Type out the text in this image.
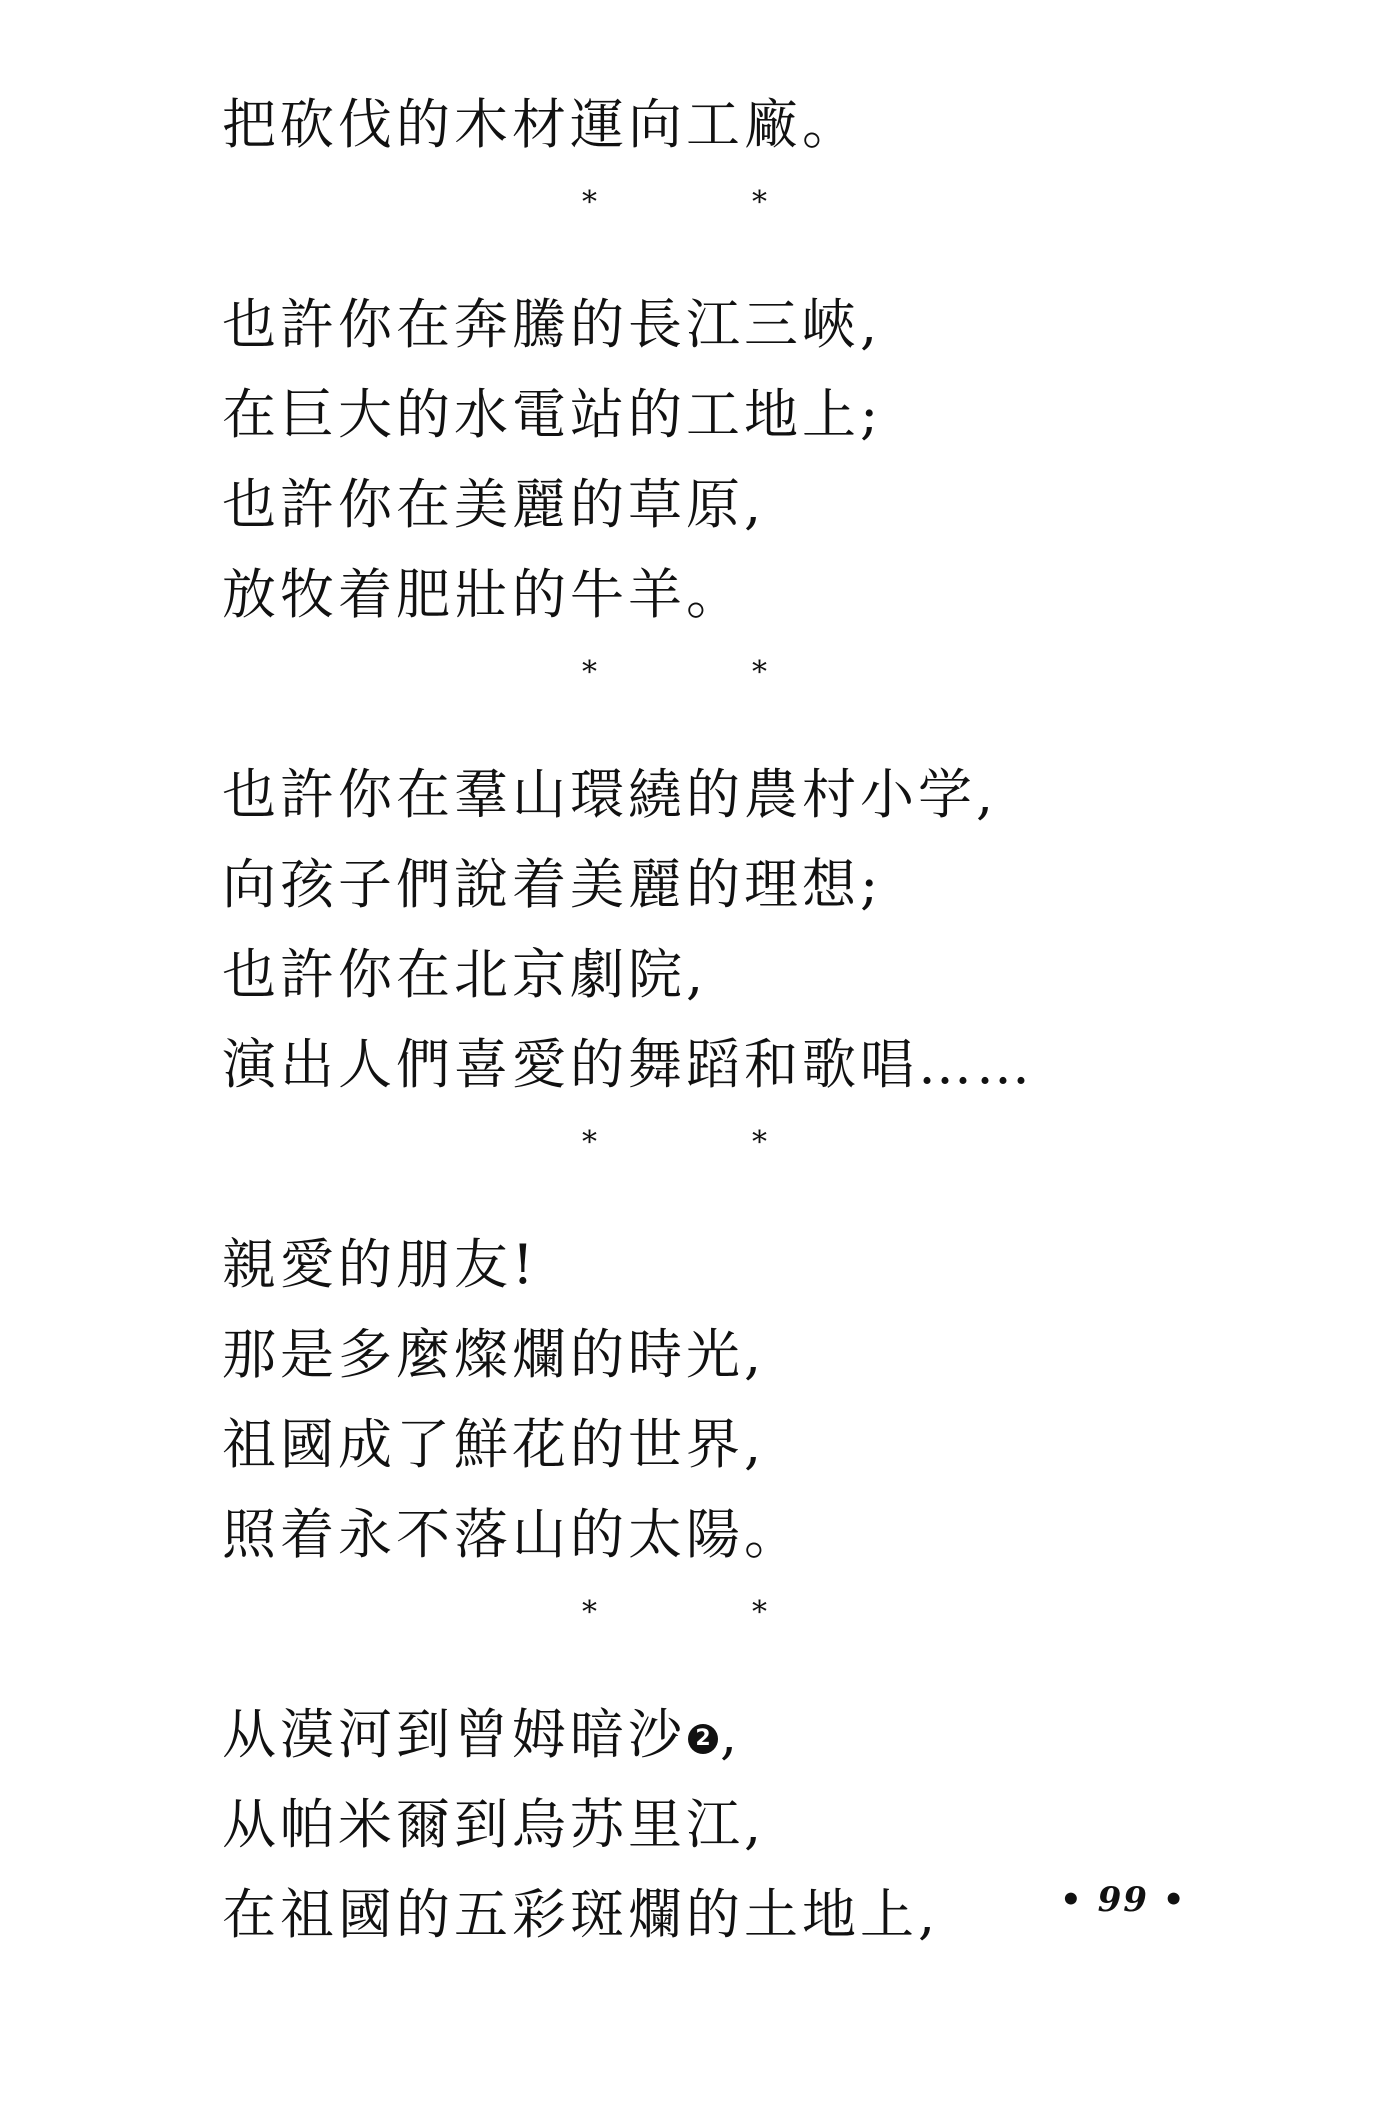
把砍伐的木材運向工廠。
*	*
也許你在奔騰的長江三峽,
在巨大的水電站的工地上;
也許你在美麗的草原,
放牧着肥壯的牛羊。
*	*
也許你在羣山環繞的農村小学,
向孩子們說着美麗的理想;
也許你在北京劇院,
演出人們喜愛的舞蹈和歌唱……
*	*
親愛的朋友!
那是多麼燦爛的時光,
祖國成了鮮花的世界,
照着永不落山的太陽。
*	*
从漠河到曾姆暗沙 2 ,
从帕米爾到烏苏里江,
在祖國的五彩斑爛的土地上,	• 99 •
